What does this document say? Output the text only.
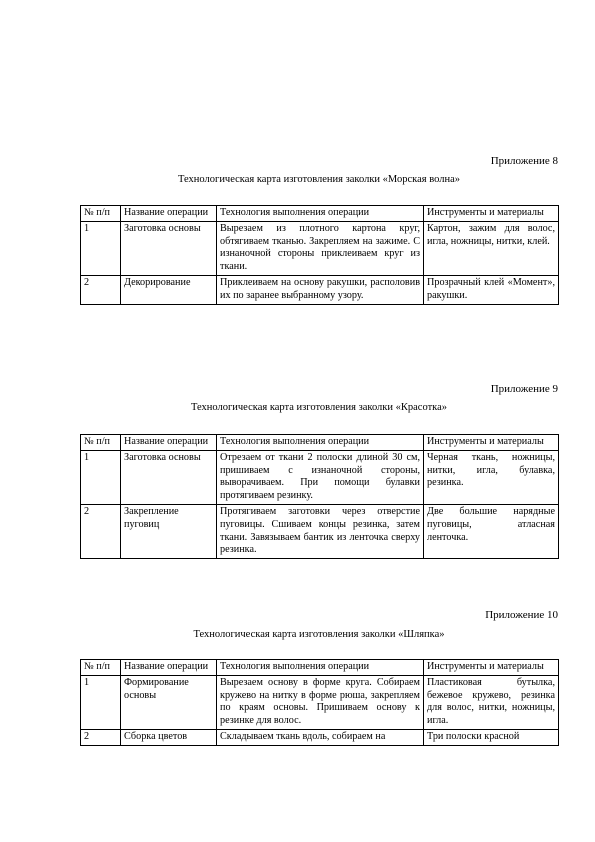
Приложение 8
Технологическая карта изготовления заколки «Морская волна»
№ п/п	Название операции	Технология выполнения операции	Инструменты и материалы
1	Заготовка основы	Вырезаем из плотного картона круг, обтягиваем тканью. Закрепляем на зажиме. С изнаночной стороны приклеиваем круг из ткани.	Картон, зажим для волос, игла, ножницы, нитки, клей.
2	Декорирование	Приклеиваем на основу ракушки, располовив их по заранее выбранному узору.	Прозрачный клей «Момент», ракушки.
Приложение 9
Технологическая карта изготовления заколки «Красотка»
№ п/п	Название операции	Технология выполнения операции	Инструменты и материалы
1	Заготовка основы	Отрезаем от ткани 2 полоски длиной 30 см, пришиваем с изнаночной стороны, выворачиваем. При помощи булавки протягиваем резинку.	Черная ткань, ножницы, нитки, игла, булавка, резинка.
2	Закрепление пуговиц	Протягиваем заготовки через отверстие пуговицы. Сшиваем концы резинка, затем ткани. Завязываем бантик из ленточка сверху резинка.	Две большие нарядные пуговицы, атласная ленточка.
Приложение 10
Технологическая карта изготовления заколки «Шляпка»
№ п/п	Название операции	Технология выполнения операции	Инструменты и материалы
1	Формирование основы	Вырезаем основу в форме круга. Собираем кружево на нитку в форме рюша, закрепляем по краям основы. Пришиваем основу к резинке для волос.	Пластиковая бутылка, бежевое кружево, резинка для волос, нитки, ножницы, игла.
2	Сборка цветов	Складываем ткань вдоль, собираем на	Три полоски красной
